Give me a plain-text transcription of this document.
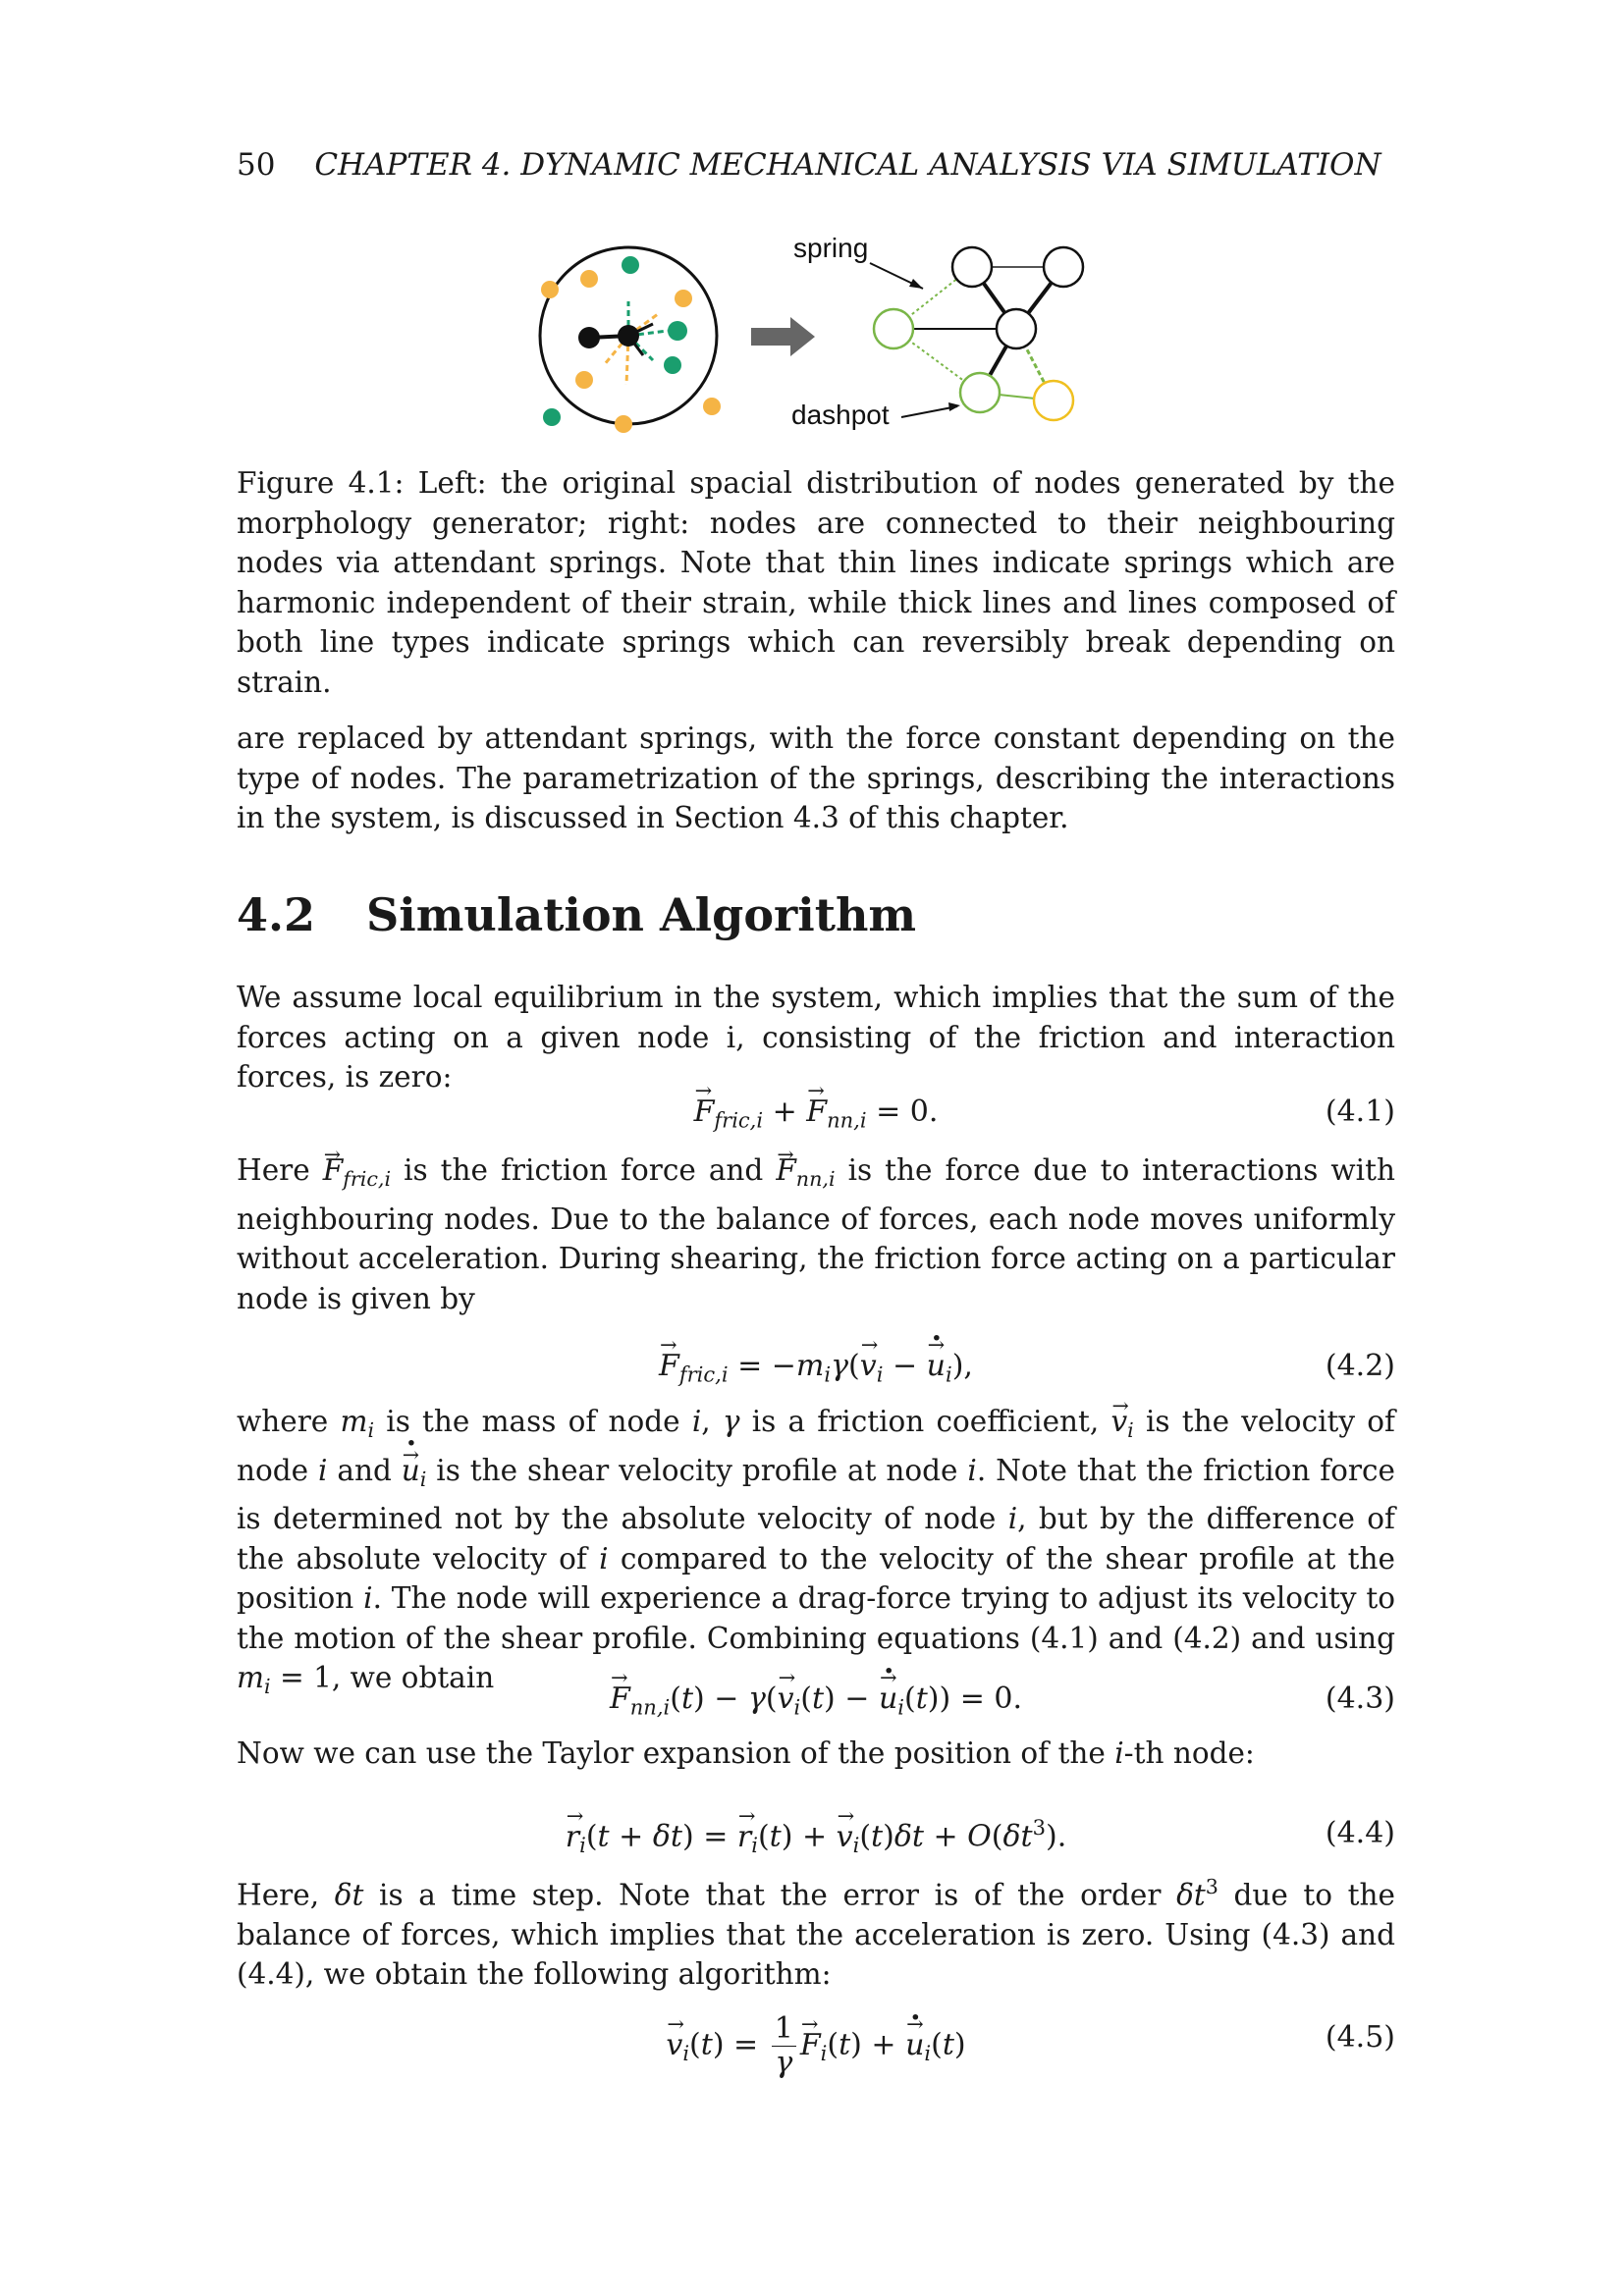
50 CHAPTER 4. DYNAMIC MECHANICAL ANALYSIS VIA SIMULATION
spring
dashpot
Figure 4.1: Left: the original spacial distribution of nodes generated by the morphology generator; right: nodes are connected to their neighbouring nodes via attendant springs. Note that thin lines indicate springs which are harmonic independent of their strain, while thick lines and lines composed of both line types indicate springs which can reversibly break depending on strain.
are replaced by attendant springs, with the force constant depending on the type of nodes. The parametrization of the springs, describing the interactions in the system, is discussed in Section 4.3 of this chapter.
4.2 Simulation Algorithm
We assume local equilibrium in the system, which implies that the sum of the forces acting on a given node i, consisting of the friction and interaction forces, is zero:
→ $F_{fric,i}$ + → $F_{nn,i} = 0$.	(4.1)
Here → $F_{fric,i}$ is the friction force and → $F_{nn,i}$ is the force due to interactions with neighbouring nodes. Due to the balance of forces, each node moves uniformly without acceleration. During shearing, the friction force acting on a particular node is given by
→ $F_{fric,i} = -m_i\gamma(\to v_i$ − → $u \cdot_i$),	(4.2)
where $m_i$ is the mass of node i, γ is a friction coefficient, → $v_i$ is the velocity of node i and → $u \cdot_i$ is the shear velocity profile at node i. Note that the friction force is determined not by the absolute velocity of node i, but by the difference of the absolute velocity of i compared to the velocity of the shear profile at the position i. The node will experience a drag-force trying to adjust its velocity to the motion of the shear profile. Combining equations (4.1) and (4.2) and using $m_i = 1$, we obtain
→ $F_{nn,i}(t) - \gamma(\to v_i(t)$ − → $u \cdot_i(t)) = 0$.	(4.3)
Now we can use the Taylor expansion of the position of the i-th node:
→ $r_i(t + \delta t)$ = → $r_i(t)$ + → $v_i(t)\delta t + O(\delta t^3)$.	(4.4)
Here, δt is a time step. Note that the error is of the order $\delta t^3$ due to the balance of forces, which implies that the acceleration is zero. Using (4.3) and (4.4), we obtain the following algorithm:
→ $v_i(t) = \frac{1}{\gamma}$
→ $F_i(t)$ + → $u \cdot_i(t)$	(4.5)
